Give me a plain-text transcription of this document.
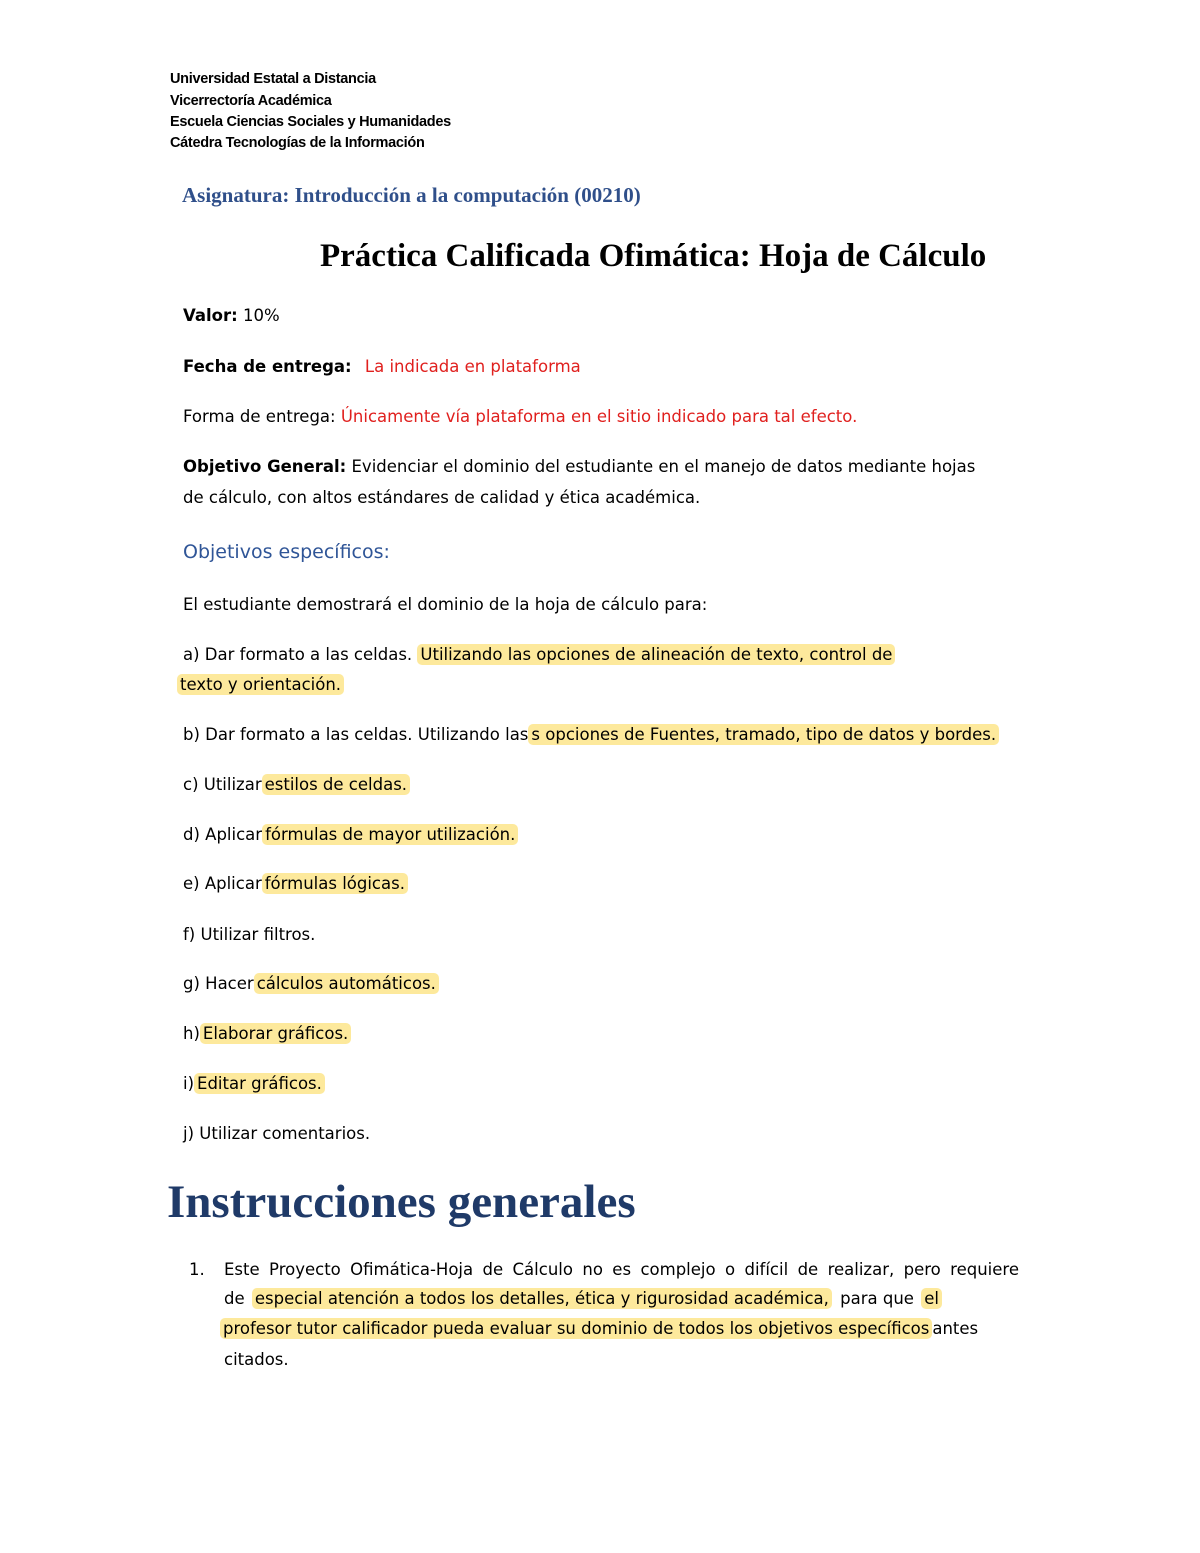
Universidad Estatal a Distancia
Vicerrectoría Académica
Escuela Ciencias Sociales y Humanidades
Cátedra Tecnologías de la Información
Asignatura: Introducción a la computación (00210)
Práctica Calificada Ofimática: Hoja de Cálculo
Valor: 10%
Fecha de entrega: La indicada en plataforma
Forma de entrega: Únicamente vía plataforma en el sitio indicado para tal efecto.
Objetivo General: Evidenciar el dominio del estudiante en el manejo de datos mediante hojas
de cálculo, con altos estándares de calidad y ética académica.
Objetivos específicos:
El estudiante demostrará el dominio de la hoja de cálculo para:
a) Dar formato a las celdas. Utilizando las opciones de alineación de texto, control de
texto y orientación.
b) Dar formato a las celdas. Utilizando las s opciones de Fuentes, tramado, tipo de datos y bordes.
c) Utilizar estilos de celdas.
d) Aplicar fórmulas de mayor utilización.
e) Aplicar fórmulas lógicas.
f) Utilizar filtros.
g) Hacer cálculos automáticos.
h) Elaborar gráficos.
i) Editar gráficos.
j) Utilizar comentarios.
Instrucciones generales
1. Este Proyecto Ofimática-Hoja de Cálculo no es complejo o difícil de realizar, pero requiere
de especial atención a todos los detalles, ética y rigurosidad académica, para que el
profesor tutor calificador pueda evaluar su dominio de todos los objetivos específicos antes
citados.
